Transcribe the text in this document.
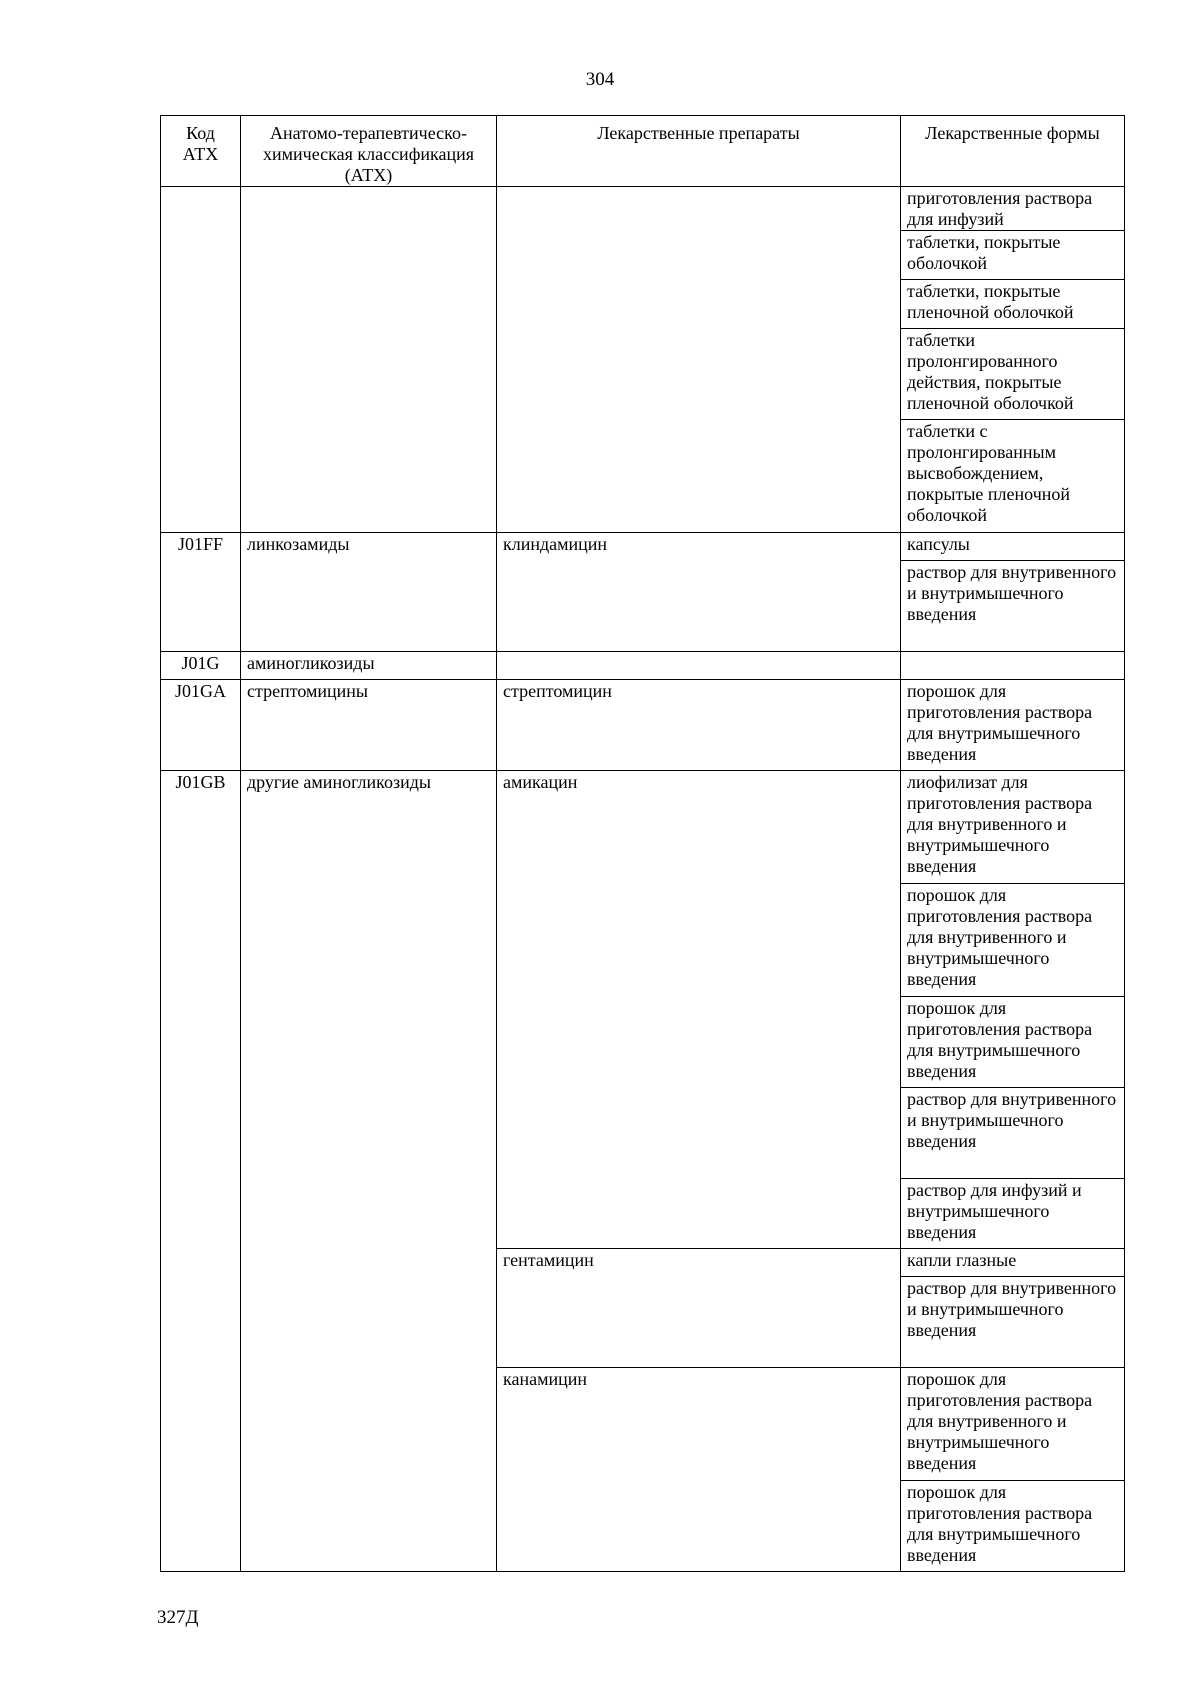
304
Код АТХ	Анатомо-терапевтическо-химическая классификация (АТХ)	Лекарственные препараты	Лекарственные формы
			приготовления раствора для инфузий
			таблетки, покрытые оболочкой
			таблетки, покрытые пленочной оболочкой
			таблетки пролонгированного действия, покрытые пленочной оболочкой
			таблетки с пролонгированным высвобождением, покрытые пленочной оболочкой
J01FF	линкозамиды	клиндамицин	капсулы
			раствор для внутривенного и внутримышечного введения
J01G	аминогликозиды		
J01GA	стрептомицины	стрептомицин	порошок для приготовления раствора для внутримышечного введения
J01GB	другие аминогликозиды	амикацин	лиофилизат для приготовления раствора для внутривенного и внутримышечного введения
			порошок для приготовления раствора для внутривенного и внутримышечного введения
			порошок для приготовления раствора для внутримышечного введения
			раствор для внутривенного и внутримышечного введения
			раствор для инфузий и внутримышечного введения
		гентамицин	капли глазные
			раствор для внутривенного и внутримышечного введения
		канамицин	порошок для приготовления раствора для внутривенного и внутримышечного введения
			порошок для приготовления раствора для внутримышечного введения
327Д
